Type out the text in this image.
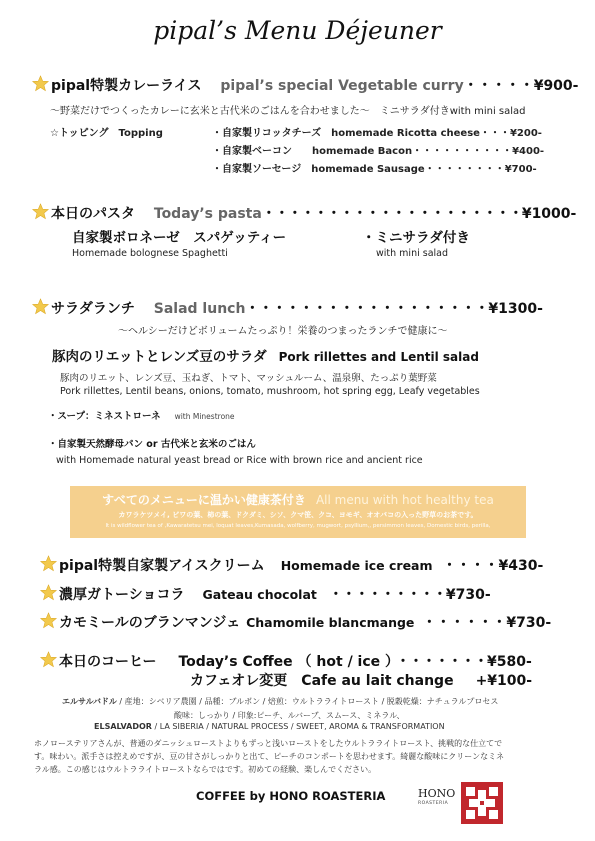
pipal’s Menu Déjeuner
pipal特製カレーライス pipal’s special Vegetable curry・・・・・¥900-
～野菜だけでつくったカレーに玄米と古代米のごはんを合わせました～　ミニサラダ付きwith mini salad
☆トッピング　Topping	・自家製リコッタチーズ　homemade Ricotta cheese・・・¥200-
・自家製ベーコン　　homemade Bacon・・・・・・・・・・¥400-
・自家製ソーセージ　homemade Sausage・・・・・・・・¥700-
本日のパスタ Today’s pasta・・・・・・・・・・・・・・・・・・・・¥1000-
自家製ボロネーゼ　スパゲッティー	・ミニサラダ付き
Homemade bolognese Spaghetti	with mini salad
サラダランチ Salad lunch・・・・・・・・・・・・・・・・・・¥1300-
～ヘルシーだけどボリュームたっぷり！栄養のつまったランチで健康に～
豚肉のリエットとレンズ豆のサラダ Pork rillettes and Lentil salad
豚肉のリエット、レンズ豆、玉ねぎ、トマト、マッシュルーム、温泉卵、たっぷり葉野菜
Pork rillettes, Lentil beans, onions, tomato, mushroom, hot spring egg, Leafy vegetables
・スープ：ミネストローネ with Minestrone
・自家製天然酵母パン or 古代米と玄米のごはん
with Homemade natural yeast bread or Rice with brown rice and ancient rice
すべてのメニューに温かい健康茶付き All menu with hot healthy tea
カワラケツメイ, ビワの葉、柿の葉、ドクダミ、シソ、クマ笹、クコ、ヨモギ、オオバコの入った野草のお茶です。
It is wildflower tea of ,Kawaratetsu mei, loquat leaves,Kumasada, wolfberry, mugwort, psyllium,, persimmon leaves, Domestic birds, perilla,
pipal特製自家製アイスクリーム Homemade ice cream ・・・・¥430-
濃厚ガトーショコラ Gateau chocolat ・・・・・・・・・¥730-
カモミールのブランマンジェ Chamomile blancmange ・・・・・・¥730-
本日のコーヒー Today’s Coffee （ hot / ice ） ・・・・・・・¥580-
カフェオレ変更　Cafe au lait change +¥100-
エルサルバドル / 産地：シベリア農園 / 品種：ブルボン / 焙煎：ウルトラライトロースト / 脱穀乾燥：ナチュラルプロセス
酸味：しっかり / 印象:ピーチ、ルバーブ、スムース、ミネラル、
ELSALVADOR / LA SIBERIA / NATURAL PROCESS / SWEET, AROMA & TRANSFORMATION
ホノローステリアさんが、普通のダニッシュローストよりもずっと浅いローストをしたウルトラライトロースト、挑戦的な仕立てで
す。味わい。派手さは控えめですが、豆の甘さがしっかりと出て、ピーチのコンポートを思わせます。綺麗な酸味にクリーンなミネ
ラル感。この感じはウルトラライトローストならではです。初めての経験、楽しんでください。
COFFEE by HONO ROASTERIA	HONO
ROASTERIA
